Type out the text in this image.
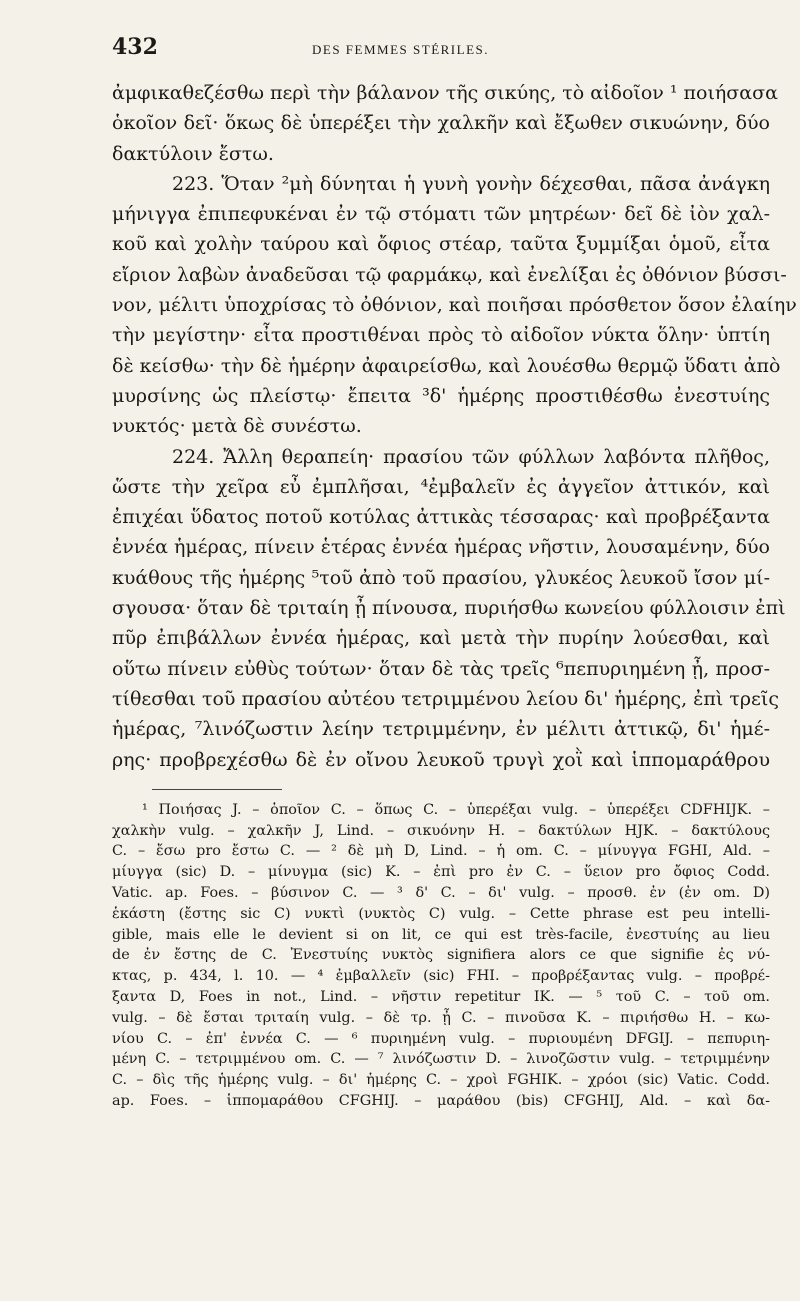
432	DES FEMMES STÉRILES.
ἀμφικαθεζέσθω περὶ τὴν βάλανον τῆς σικύης, τὸ αἰδοῖον ¹ ποιήσασα
ὁκοῖον δεῖ· ὅκως δὲ ὑπερέξει τὴν χαλκῆν καὶ ἔξωθεν σικυώνην, δύο
δακτύλοιν ἔστω.
223. Ὅταν ²μὴ δύνηται ἡ γυνὴ γονὴν δέχεσθαι, πᾶσα ἀνάγκη
μήνιγγα ἐπιπεφυκέναι ἐν τῷ στόματι τῶν μητρέων· δεῖ δὲ ἰὸν χαλ-
κοῦ καὶ χολὴν ταύρου καὶ ὄφιος στέαρ, ταῦτα ξυμμίξαι ὁμοῦ, εἶτα
εἴριον λαβὼν ἀναδεῦσαι τῷ φαρμάκῳ, καὶ ἐνελίξαι ἐς ὀθόνιον βύσσι-
νον, μέλιτι ὑποχρίσας τὸ ὀθόνιον, καὶ ποιῆσαι πρόσθετον ὅσον ἐλαίην
τὴν μεγίστην· εἶτα προστιθέναι πρὸς τὸ αἰδοῖον νύκτα ὅλην· ὑπτίη
δὲ κείσθω· τὴν δὲ ἡμέρην ἀφαιρείσθω, καὶ λουέσθω θερμῷ ὕδατι ἀπὸ
μυρσίνης ὡς πλείστῳ· ἔπειτα ³δ' ἡμέρης προστιθέσθω ἐνεστυίης
νυκτός· μετὰ δὲ συνέστω.
224. Ἄλλη θεραπείη· πρασίου τῶν φύλλων λαβόντα πλῆθος,
ὥστε τὴν χεῖρα εὖ ἐμπλῆσαι, ⁴ἐμβαλεῖν ἐς ἀγγεῖον ἀττικόν, καὶ
ἐπιχέαι ὕδατος ποτοῦ κοτύλας ἀττικὰς τέσσαρας· καὶ προβρέξαντα
ἐννέα ἡμέρας, πίνειν ἑτέρας ἐννέα ἡμέρας νῆστιν, λουσαμένην, δύο
κυάθους τῆς ἡμέρης ⁵τοῦ ἀπὸ τοῦ πρασίου, γλυκέος λευκοῦ ἴσον μί-
σγουσα· ὅταν δὲ τριταίη ᾖ πίνουσα, πυριήσθω κωνείου φύλλοισιν ἐπὶ
πῦρ ἐπιβάλλων ἐννέα ἡμέρας, καὶ μετὰ τὴν πυρίην λούεσθαι, καὶ
οὕτω πίνειν εὐθὺς τούτων· ὅταν δὲ τὰς τρεῖς ⁶πεπυριημένη ᾖ, προσ-
τίθεσθαι τοῦ πρασίου αὐτέου τετριμμένου λείου δι' ἡμέρης, ἐπὶ τρεῖς
ἡμέρας, ⁷λινόζωστιν λείην τετριμμένην, ἐν μέλιτι ἀττικῷ, δι' ἡμέ-
ρης· προβρεχέσθω δὲ ἐν οἴνου λευκοῦ τρυγὶ χοῒ καὶ ἱππομαράθρου
¹ Ποιήσας J. – ὁποῖον C. – ὅπως C. – ὑπερέξαι vulg. – ὑπερέξει CDFHIJK. –
χαλκὴν vulg. – χαλκῆν J, Lind. – σικυόνην H. – δακτύλων HJK. – δακτύλους
C. – ἔσω pro ἔστω C. — ² δὲ μὴ D, Lind. – ἡ om. C. – μίνυγγα FGHI, Ald. –
μίυγγα (sic) D. – μίνυγμα (sic) K. – ἐπὶ pro ἐν C. – ὕειον pro ὄφιος Codd.
Vatic. ap. Foes. – βύσινον C. — ³ δ' C. – δι' vulg. – προσθ. ἐν (ἐν om. D)
ἑκάστη (ἔστης sic C) νυκτὶ (νυκτὸς C) vulg. – Cette phrase est peu intelli-
gible, mais elle le devient si on lit, ce qui est très-facile, ἐνεστυίης au lieu
de ἐν ἔστης de C. Ἐνεστυίης νυκτὸς signifiera alors ce que signifie ἐς νύ-
κτας, p. 434, l. 10. — ⁴ ἐμβαλλεῖν (sic) FHI. – προβρέξαντας vulg. – προβρέ-
ξαντα D, Foes in not., Lind. – νῆστιν repetitur IK. — ⁵ τοῦ C. – τοῦ om.
vulg. – δὲ ἔσται τριταίη vulg. – δὲ τρ. ᾖ C. – πινοῦσα K. – πιριήσθω H. – κω-
νίου C. – ἐπ' ἐννέα C. — ⁶ πυριημένη vulg. – πυριουμένη DFGIJ. – πεπυριη-
μένη C. – τετριμμένου om. C. — ⁷ λινόζωστιν D. – λινοζῶστιν vulg. – τετριμμένην
C. – δὶς τῆς ἡμέρης vulg. – δι' ἡμέρης C. – χροὶ FGHIK. – χρόοι (sic) Vatic. Codd.
ap. Foes. – ἱππομαράθου CFGHIJ. – μαράθου (bis) CFGHIJ, Ald. – καὶ δα-
